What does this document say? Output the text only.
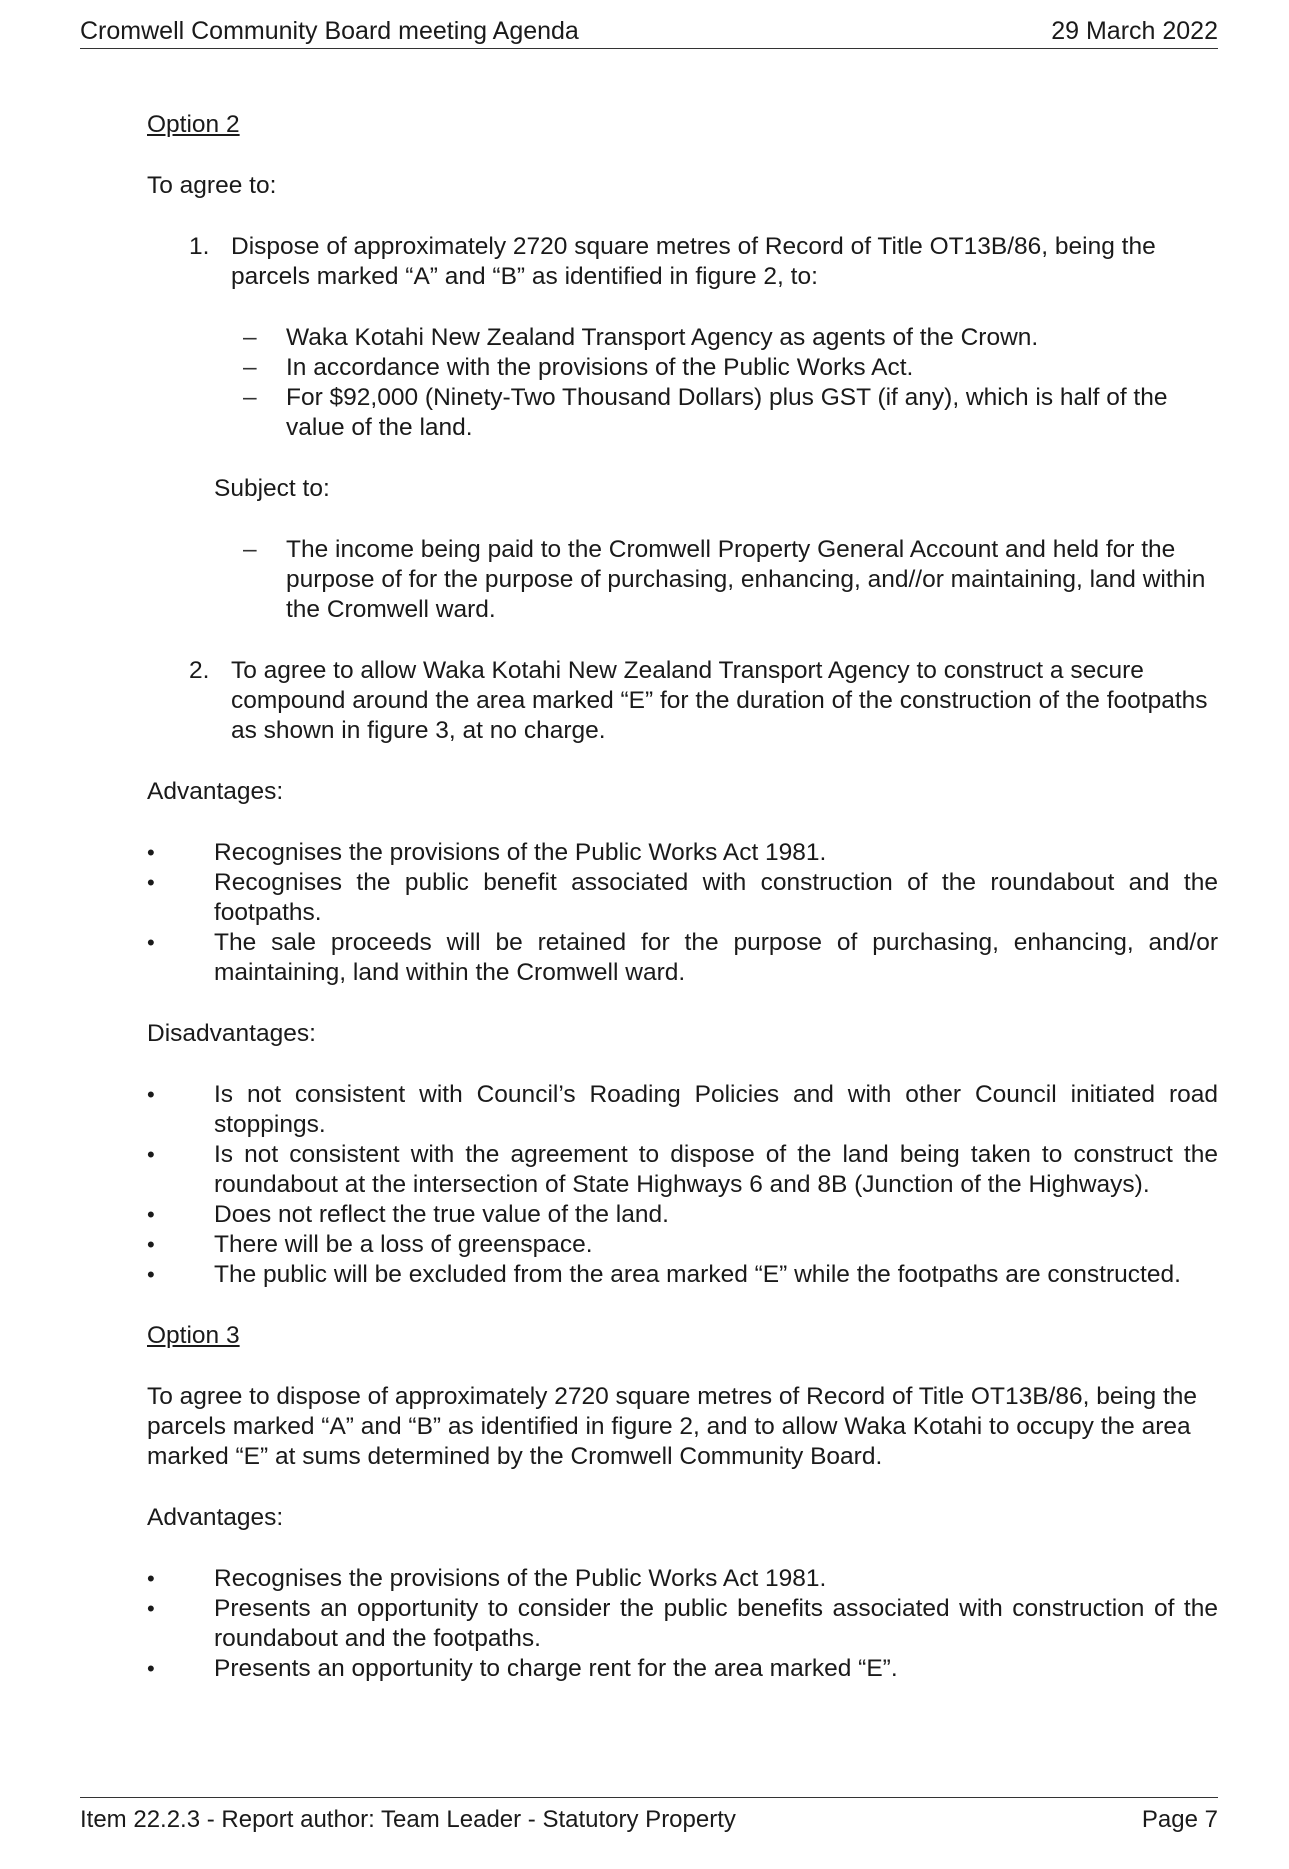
Cromwell Community Board meeting Agenda	29 March 2022

Option 2

To agree to:

1. Dispose of approximately 2720 square metres of Record of Title OT13B/86, being the parcels marked “A” and “B” as identified in figure 2, to:
– Waka Kotahi New Zealand Transport Agency as agents of the Crown.
– In accordance with the provisions of the Public Works Act.
– For $92,000 (Ninety-Two Thousand Dollars) plus GST (if any), which is half of the value of the land.
Subject to:
– The income being paid to the Cromwell Property General Account and held for the purpose of for the purpose of purchasing, enhancing, and//or maintaining, land within the Cromwell ward.
2. To agree to allow Waka Kotahi New Zealand Transport Agency to construct a secure compound around the area marked “E” for the duration of the construction of the footpaths as shown in figure 3, at no charge.

Advantages:

• Recognises the provisions of the Public Works Act 1981.
• Recognises the public benefit associated with construction of the roundabout and the footpaths.
• The sale proceeds will be retained for the purpose of purchasing, enhancing, and/or maintaining, land within the Cromwell ward.

Disadvantages:

• Is not consistent with Council’s Roading Policies and with other Council initiated road stoppings.
• Is not consistent with the agreement to dispose of the land being taken to construct the roundabout at the intersection of State Highways 6 and 8B (Junction of the Highways).
• Does not reflect the true value of the land.
• There will be a loss of greenspace.
• The public will be excluded from the area marked “E” while the footpaths are constructed.

Option 3

To agree to dispose of approximately 2720 square metres of Record of Title OT13B/86, being the parcels marked “A” and “B” as identified in figure 2, and to allow Waka Kotahi to occupy the area marked “E” at sums determined by the Cromwell Community Board.

Advantages:

• Recognises the provisions of the Public Works Act 1981.
• Presents an opportunity to consider the public benefits associated with construction of the roundabout and the footpaths.
• Presents an opportunity to charge rent for the area marked “E”.
Item 22.2.3 - Report author: Team Leader - Statutory Property	Page 7
